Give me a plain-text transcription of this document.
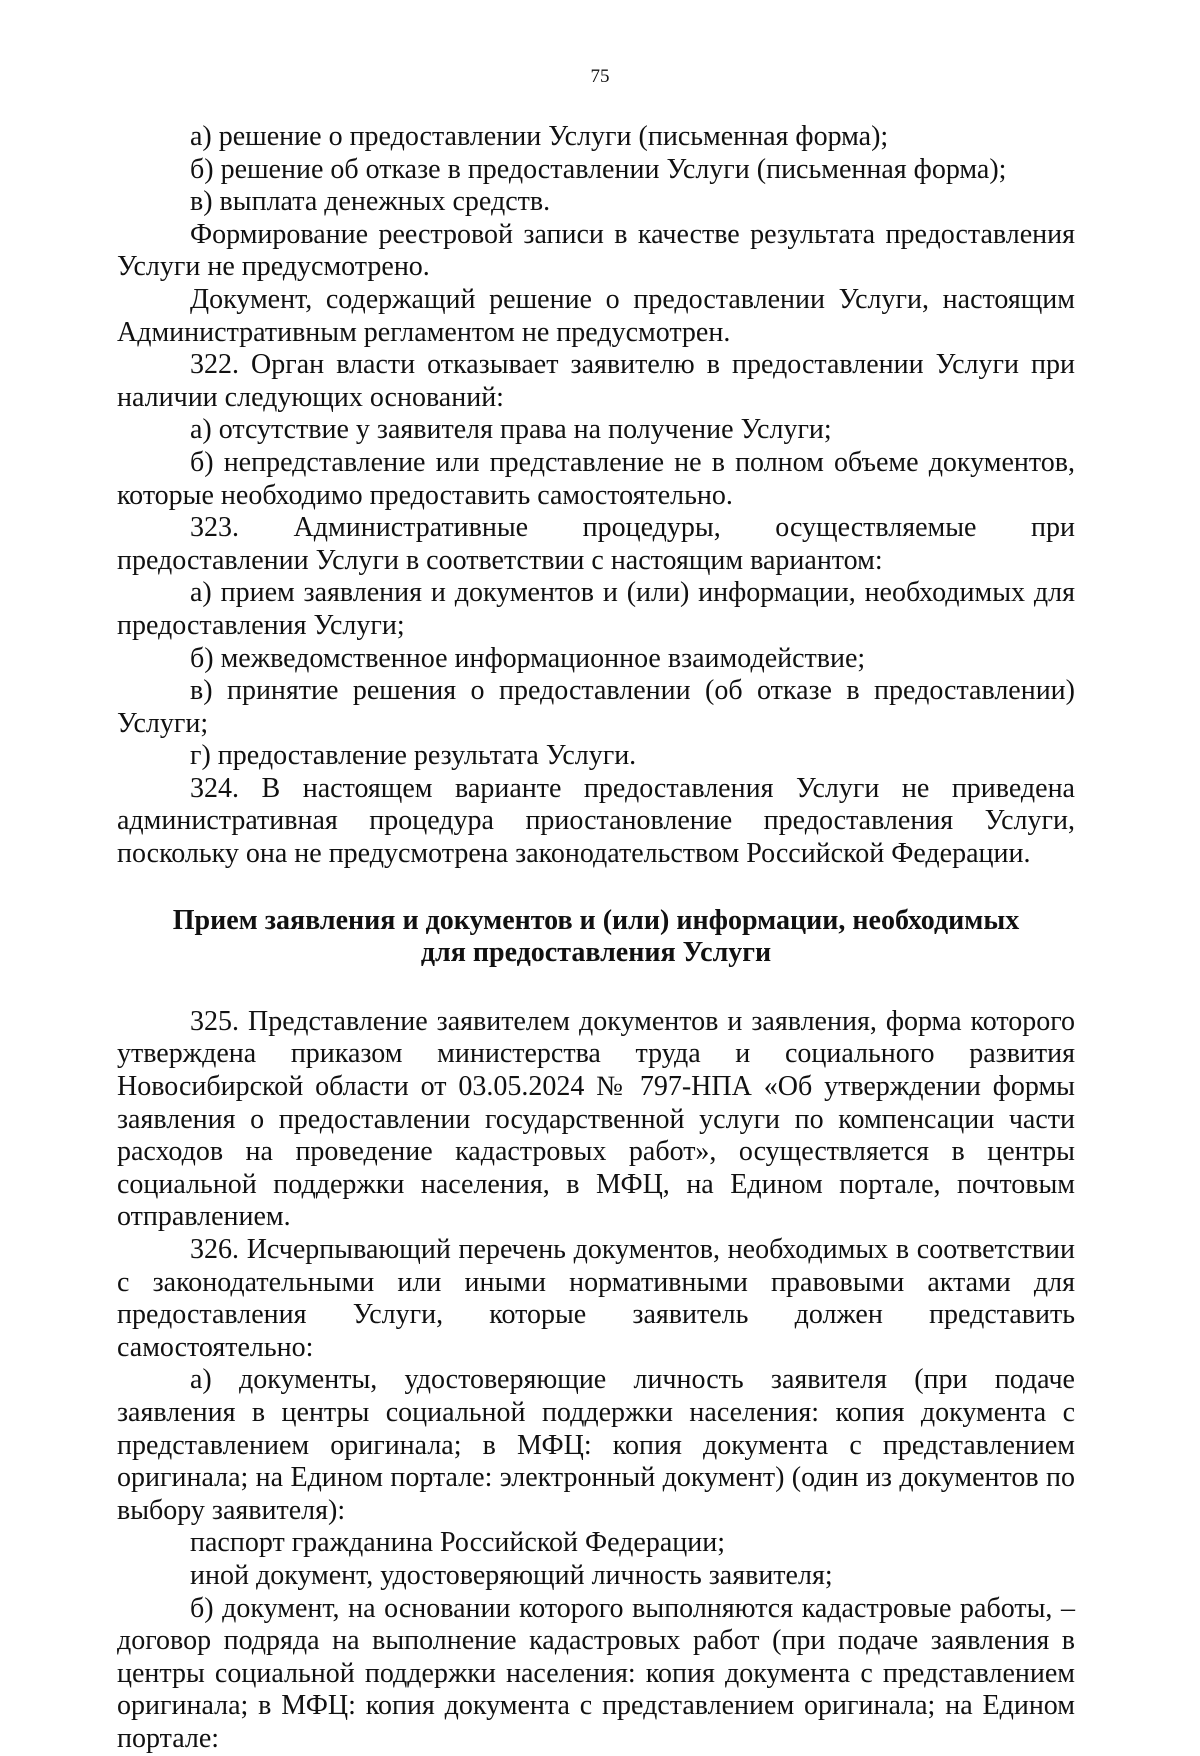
75

а) решение о предоставлении Услуги (письменная форма);

б) решение об отказе в предоставлении Услуги (письменная форма);

в) выплата денежных средств.

Формирование реестровой записи в качестве результата предоставления Услуги не предусмотрено.

Документ, содержащий решение о предоставлении Услуги, настоящим Административным регламентом не предусмотрен.

322. Орган власти отказывает заявителю в предоставлении Услуги при наличии следующих оснований:

а) отсутствие у заявителя права на получение Услуги;

б) непредставление или представление не в полном объеме документов, которые необходимо предоставить самостоятельно.

323. Административные процедуры, осуществляемые при предоставлении Услуги в соответствии с настоящим вариантом:

а) прием заявления и документов и (или) информации, необходимых для предоставления Услуги;

б) межведомственное информационное взаимодействие;

в) принятие решения о предоставлении (об отказе в предоставлении) Услуги;

г) предоставление результата Услуги.

324. В настоящем варианте предоставления Услуги не приведена административная процедура приостановление предоставления Услуги, поскольку она не предусмотрена законодательством Российской Федерации.

Прием заявления и документов и (или) информации, необходимых для предоставления Услуги

325. Представление заявителем документов и заявления, форма которого утверждена приказом министерства труда и социального развития Новосибирской области от 03.05.2024 № 797-НПА «Об утверждении формы заявления о предоставлении государственной услуги по компенсации части расходов на проведение кадастровых работ», осуществляется в центры социальной поддержки населения, в МФЦ, на Едином портале, почтовым отправлением.

326. Исчерпывающий перечень документов, необходимых в соответствии с законодательными или иными нормативными правовыми актами для предоставления Услуги, которые заявитель должен представить самостоятельно:

а) документы, удостоверяющие личность заявителя (при подаче заявления в центры социальной поддержки населения: копия документа с представлением оригинала; в МФЦ: копия документа с представлением оригинала; на Едином портале: электронный документ) (один из документов по выбору заявителя):

паспорт гражданина Российской Федерации;

иной документ, удостоверяющий личность заявителя;

б) документ, на основании которого выполняются кадастровые работы, – договор подряда на выполнение кадастровых работ (при подаче заявления в центры социальной поддержки населения: копия документа с представлением оригинала; в МФЦ: копия документа с представлением оригинала; на Едином портале:
